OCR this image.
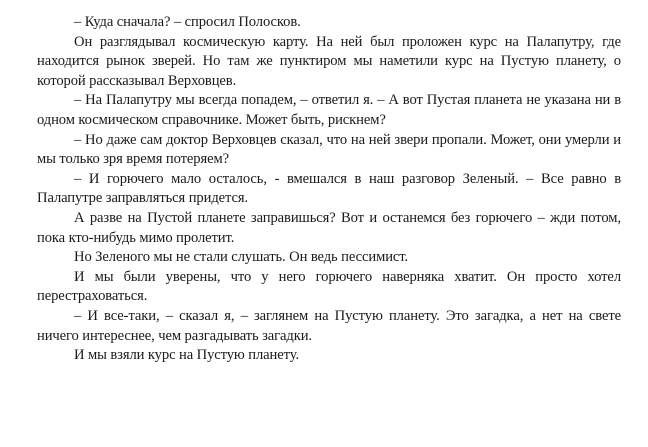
– Куда сначала? – спросил Полосков.

Он разглядывал космическую карту. На ней был проложен курс на Палапутру, где находится рынок зверей. Но там же пунктиром мы наметили курс на Пустую планету, о которой рассказывал Верховцев.

– На Палапутру мы всегда попадем, – ответил я. – А вот Пустая планета не указана ни в одном космическом справочнике. Может быть, рискнем?

– Но даже сам доктор Верховцев сказал, что на ней звери пропали. Может, они умерли и мы только зря время потеряем?

– И горючего мало осталось, - вмешался в наш разговор Зеленый. – Все равно в Палапутре заправляться придется.

А разве на Пустой планете заправишься? Вот и останемся без горючего – жди потом, пока кто-нибудь мимо пролетит.

Но Зеленого мы не стали слушать. Он ведь пессимист.

И мы были уверены, что у него горючего наверняка хватит. Он просто хотел перестраховаться.

– И все-таки, – сказал я, – заглянем на Пустую планету. Это загадка, а нет на свете ничего интереснее, чем разгадывать загадки.

И мы взяли курс на Пустую планету.
